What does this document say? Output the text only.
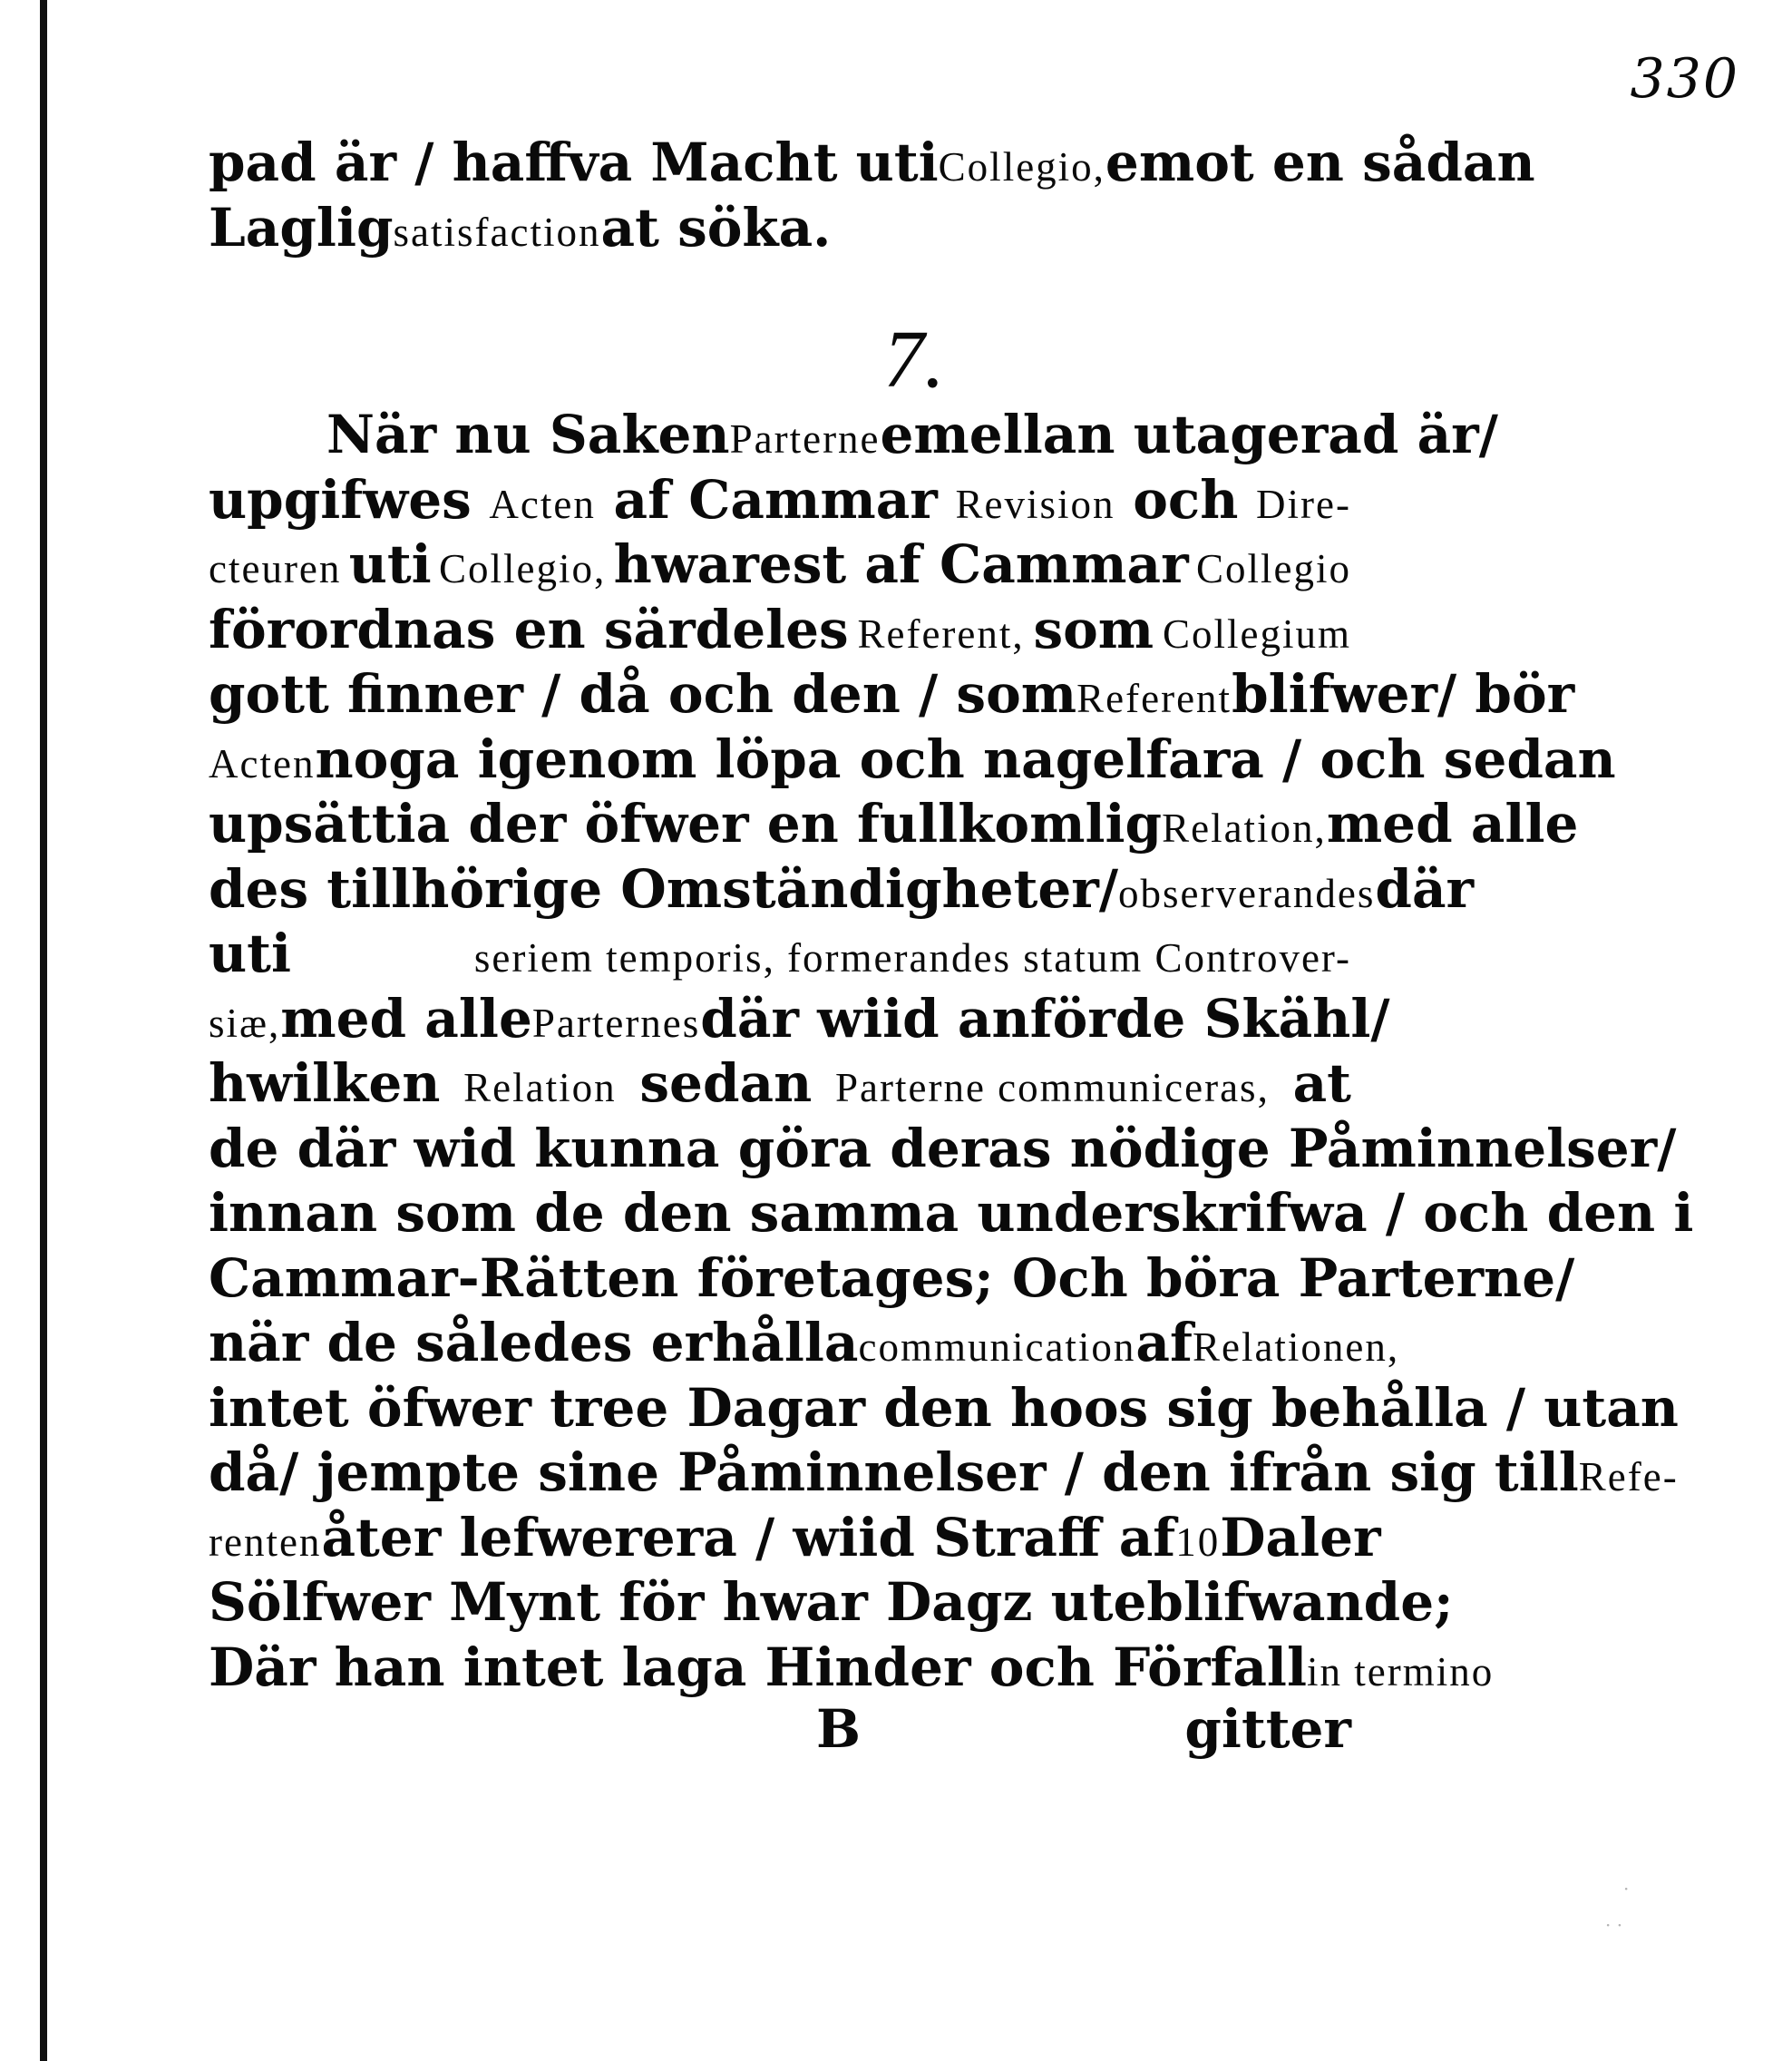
330
pad är / haffva Macht uti Collegio, emot en sådan
Laglig satisfaction at söka.
7.
När nu Saken Parterne emellan utagerad är/
upgifwes Acten af Cammar Revision och Dire-
cteuren uti Collegio, hwarest af Cammar Collegio
förordnas en särdeles Referent, som Collegium
gott finner / då och den / som Referent blifwer/ bör
Acten noga igenom löpa och nagelfara / och sedan
upsättia der öfwer en fullkomlig Relation, med alle
des tillhörige Omständigheter/ observerandes där
uti	seriem temporis, formerandes statum Controver-
siæ, med alle Parternes där wiid anförde Skähl/
hwilken Relation sedan Parterne communiceras, at
de där wid kunna göra deras nödige Påminnelser/
innan som de den samma underskrifwa / och den i
Cammar-Rätten företages; Och böra Parterne/
när de således erhålla communication af Relationen,
intet öfwer tree Dagar den hoos sig behålla / utan
då/ jempte sine Påminnelser / den ifrån sig till Refe-
renten åter lefwerera / wiid Straff af 10 Daler
Sölfwer Mynt för hwar Dagz uteblifwande;
Där han intet laga Hinder och Förfall in termino
B	gitter
·
· ·
